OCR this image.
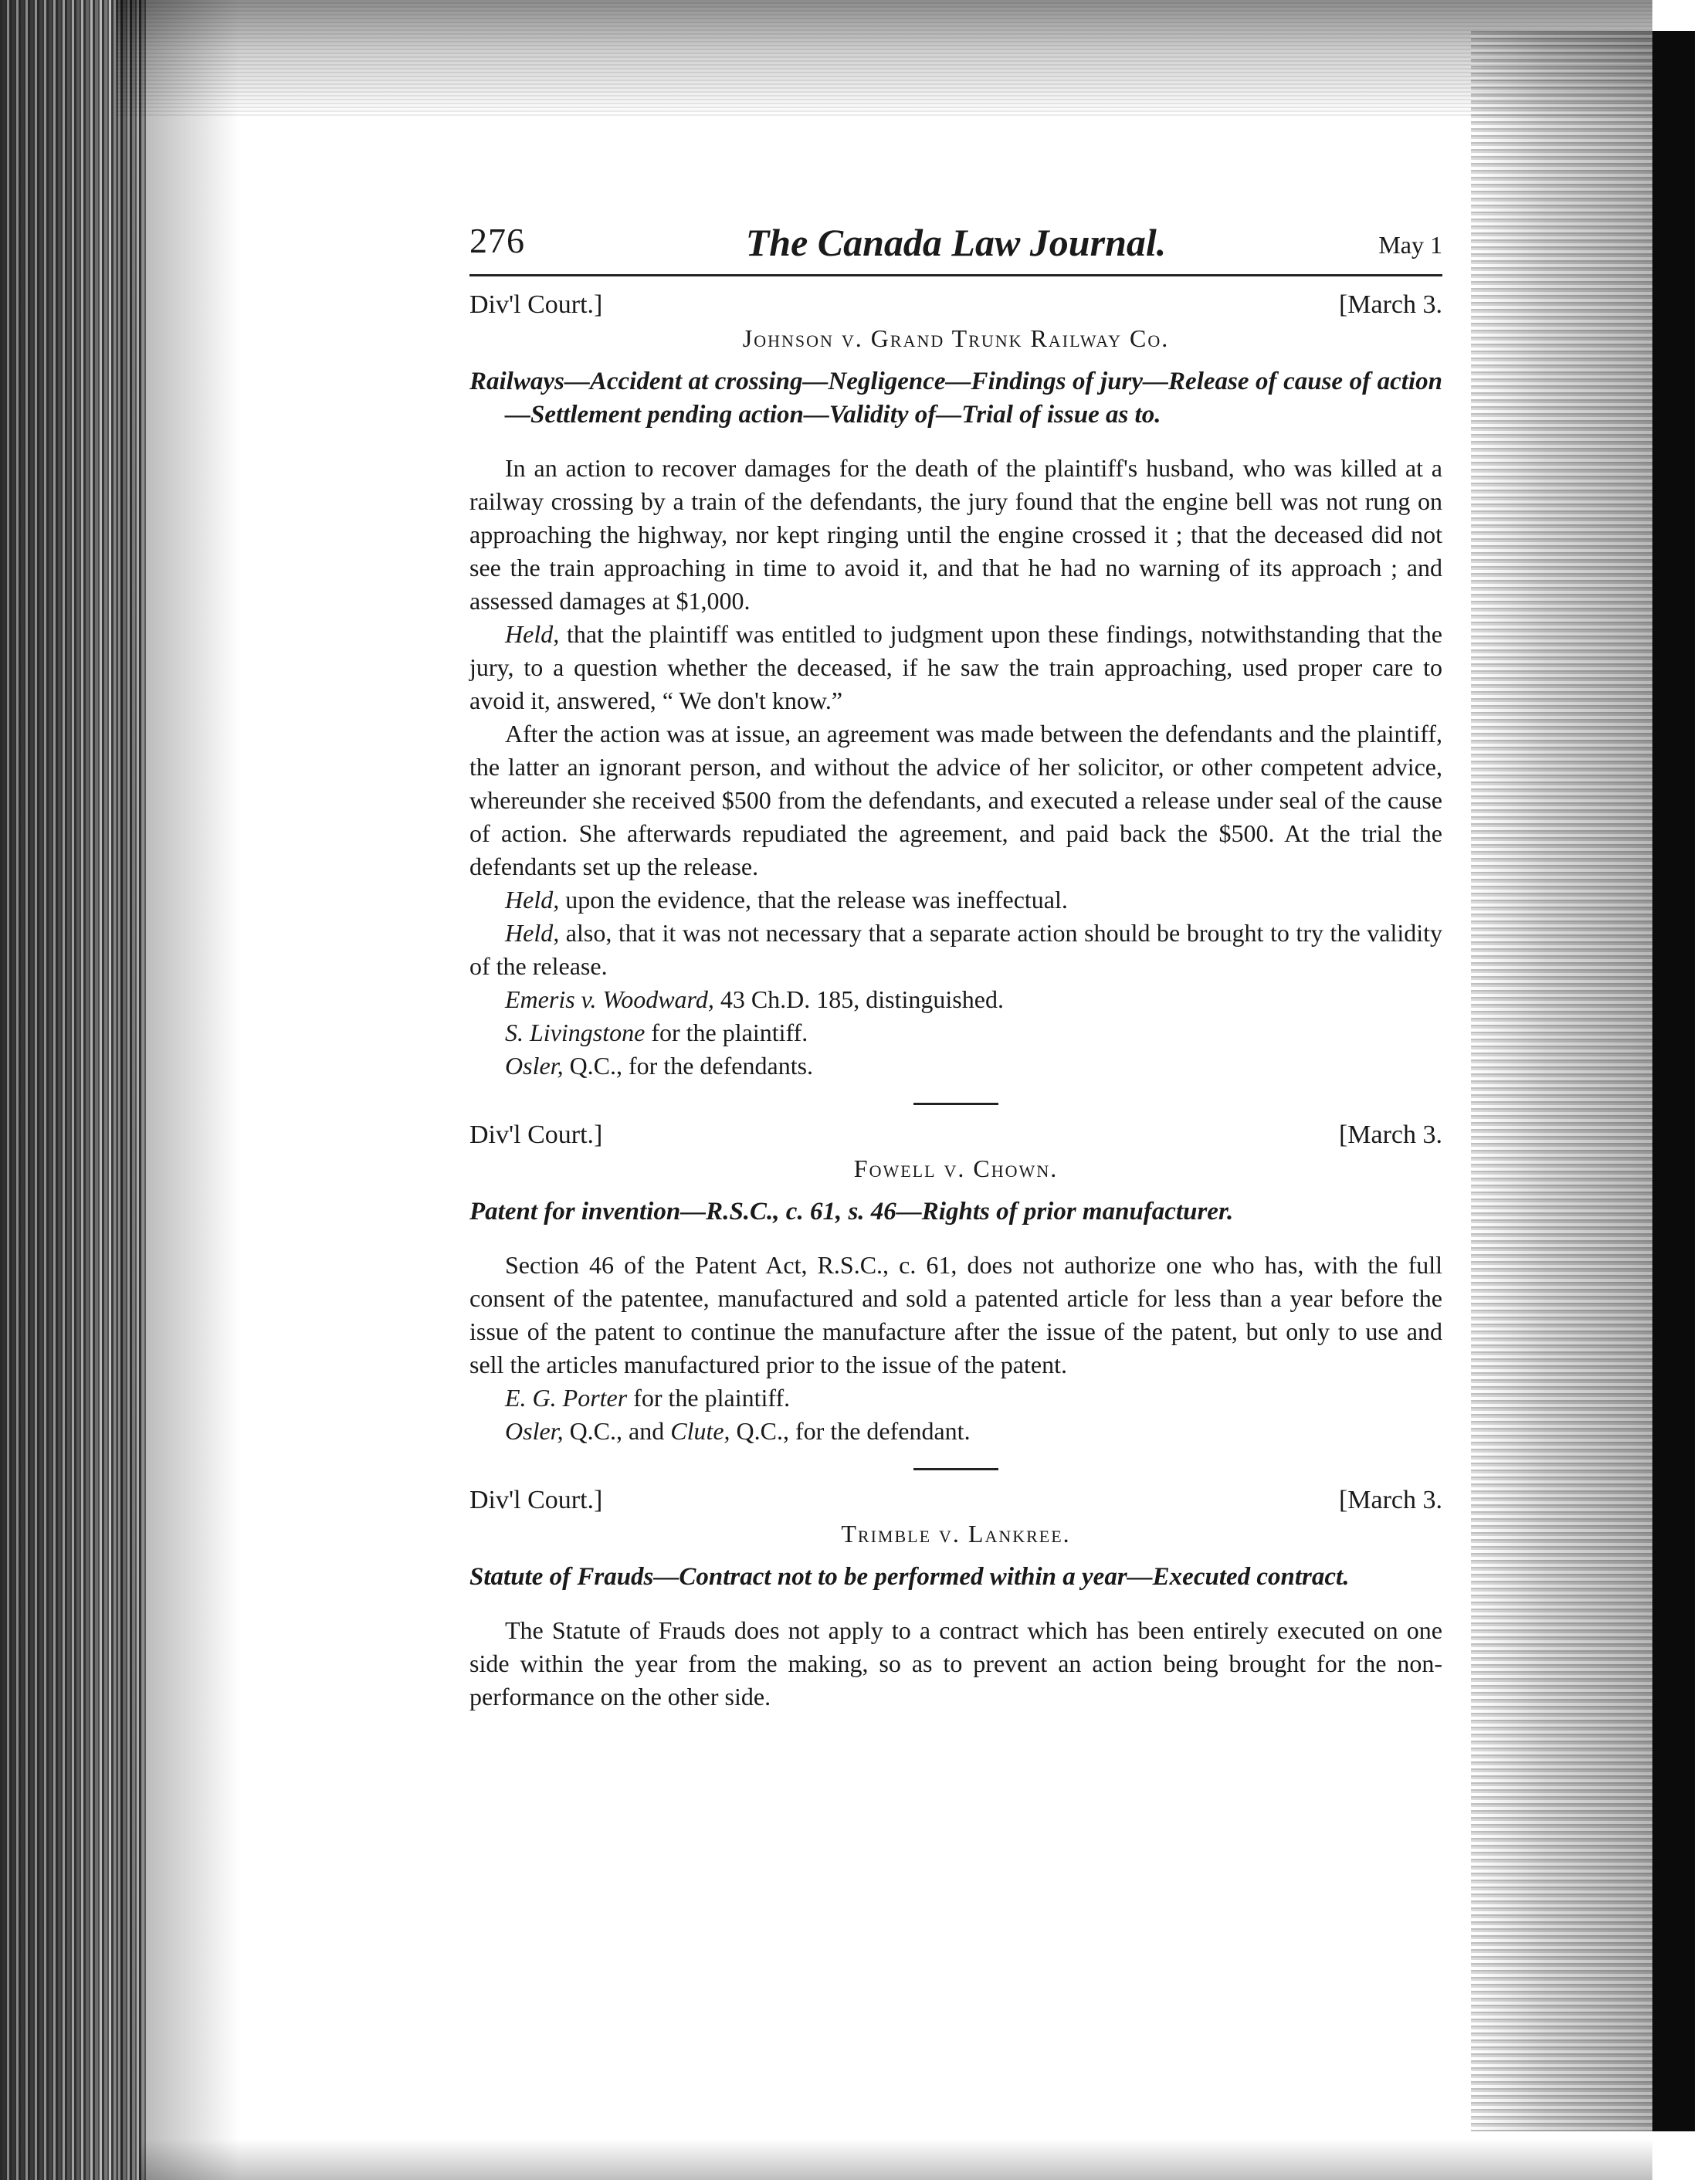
276	The Canada Law Journal.	May 1
Div'l Court.]	[March 3.
Johnson v. Grand Trunk Railway Co.

Railways—Accident at crossing—Negligence—Findings of jury—Release of cause of action—Settlement pending action—Validity of—Trial of issue as to.

In an action to recover damages for the death of the plaintiff's husband, who was killed at a railway crossing by a train of the defendants, the jury found that the engine bell was not rung on approaching the highway, nor kept ringing until the engine crossed it ; that the deceased did not see the train approaching in time to avoid it, and that he had no warning of its approach ; and assessed damages at $1,000.

Held, that the plaintiff was entitled to judgment upon these findings, notwithstanding that the jury, to a question whether the deceased, if he saw the train approaching, used proper care to avoid it, answered, “ We don't know.”

After the action was at issue, an agreement was made between the defendants and the plaintiff, the latter an ignorant person, and without the advice of her solicitor, or other competent advice, whereunder she received $500 from the defendants, and executed a release under seal of the cause of action. She afterwards repudiated the agreement, and paid back the $500. At the trial the defendants set up the release.

Held, upon the evidence, that the release was ineffectual.

Held, also, that it was not necessary that a separate action should be brought to try the validity of the release.

Emeris v. Woodward, 43 Ch.D. 185, distinguished.

S. Livingstone for the plaintiff.

Osler, Q.C., for the defendants.

Div'l Court.]	[March 3.
Fowell v. Chown.

Patent for invention—R.S.C., c. 61, s. 46—Rights of prior manufacturer.

Section 46 of the Patent Act, R.S.C., c. 61, does not authorize one who has, with the full consent of the patentee, manufactured and sold a patented article for less than a year before the issue of the patent to continue the manufacture after the issue of the patent, but only to use and sell the articles manufactured prior to the issue of the patent.

E. G. Porter for the plaintiff.

Osler, Q.C., and Clute, Q.C., for the defendant.

Div'l Court.]	[March 3.
Trimble v. Lankree.

Statute of Frauds—Contract not to be performed within a year—Executed contract.

The Statute of Frauds does not apply to a contract which has been entirely executed on one side within the year from the making, so as to prevent an action being brought for the non-performance on the other side.
